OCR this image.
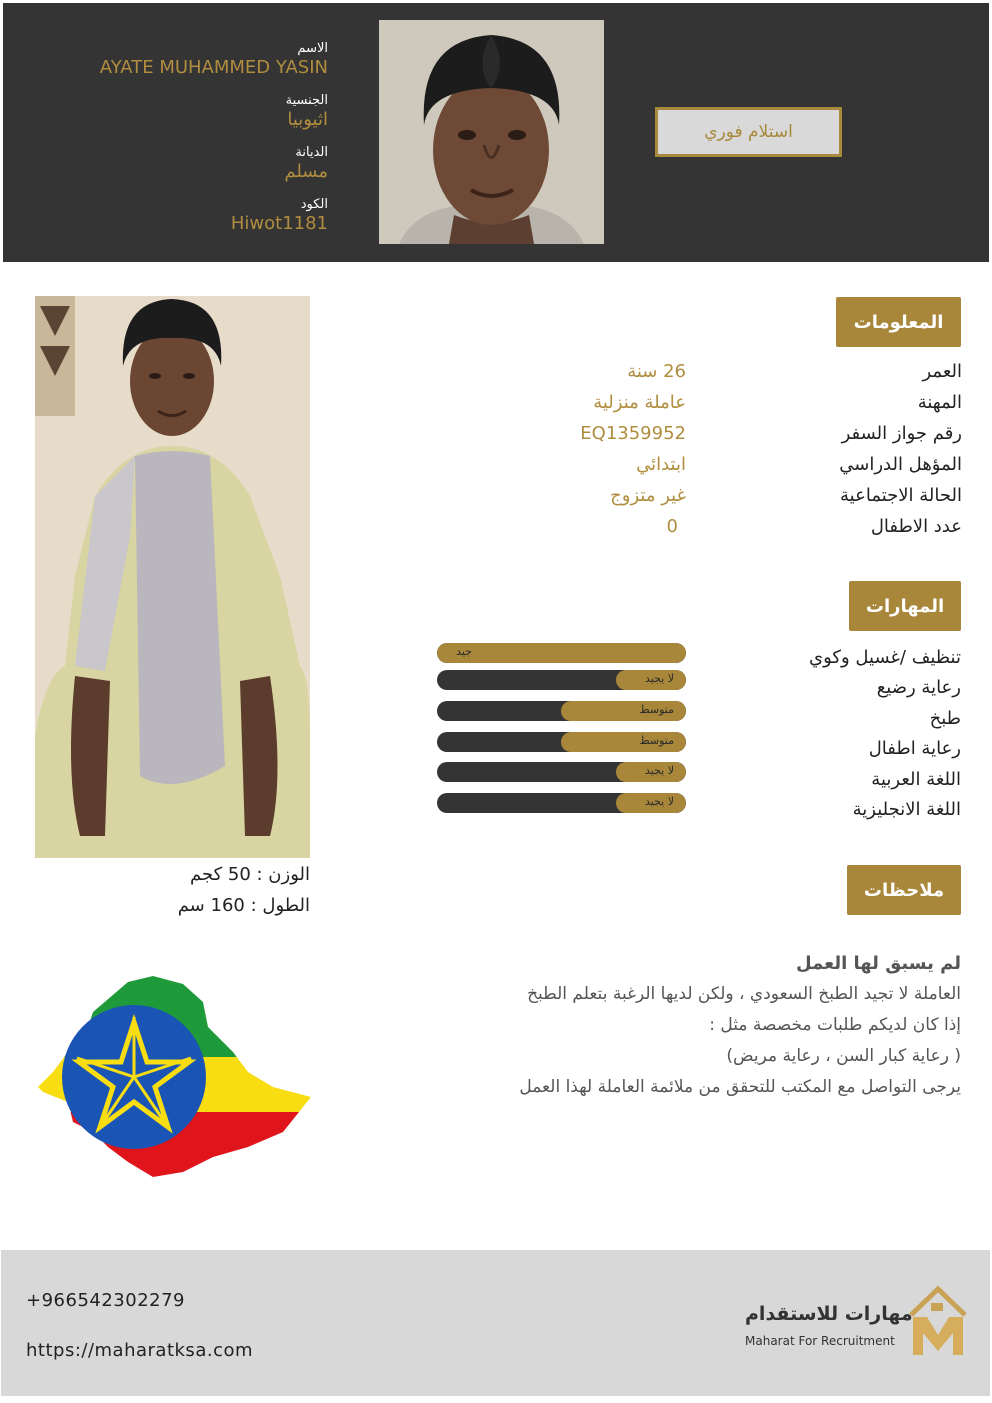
الاسم
AYATE MUHAMMED YASIN
الجنسية
اثيوبيا
الديانة
مسلم
الكود
Hiwot1181
استلام فوري
الوزن : 50 كجم
الطول : 160 سم
المعلومات
العمر
26 سنة
المهنة
عاملة منزلية
رقم جواز السفر
EQ1359952
المؤهل الدراسي
ابتدائي
الحالة الاجتماعية
غير متزوج
عدد الاطفال
0
المهارات
تنظيف /غسيل وكوي
رعاية رضيع
طبخ
رعاية اطفال
اللغة العربية
اللغة الانجليزية
جيد
لا يجيد
متوسط
متوسط
لا يجيد
لا يجيد
ملاحظات
لم يسبق لها العمل
العاملة لا تجيد الطبخ السعودي ، ولكن لديها الرغبة بتعلم الطبخ
إذا كان لديكم طلبات مخصصة مثل :
( رعاية كبار السن ، رعاية مريض)
يرجى التواصل مع المكتب للتحقق من ملائمة العاملة لهذا العمل
+966542302279
https://maharatksa.com
مهارات للاستقدام
Maharat For Recruitment
